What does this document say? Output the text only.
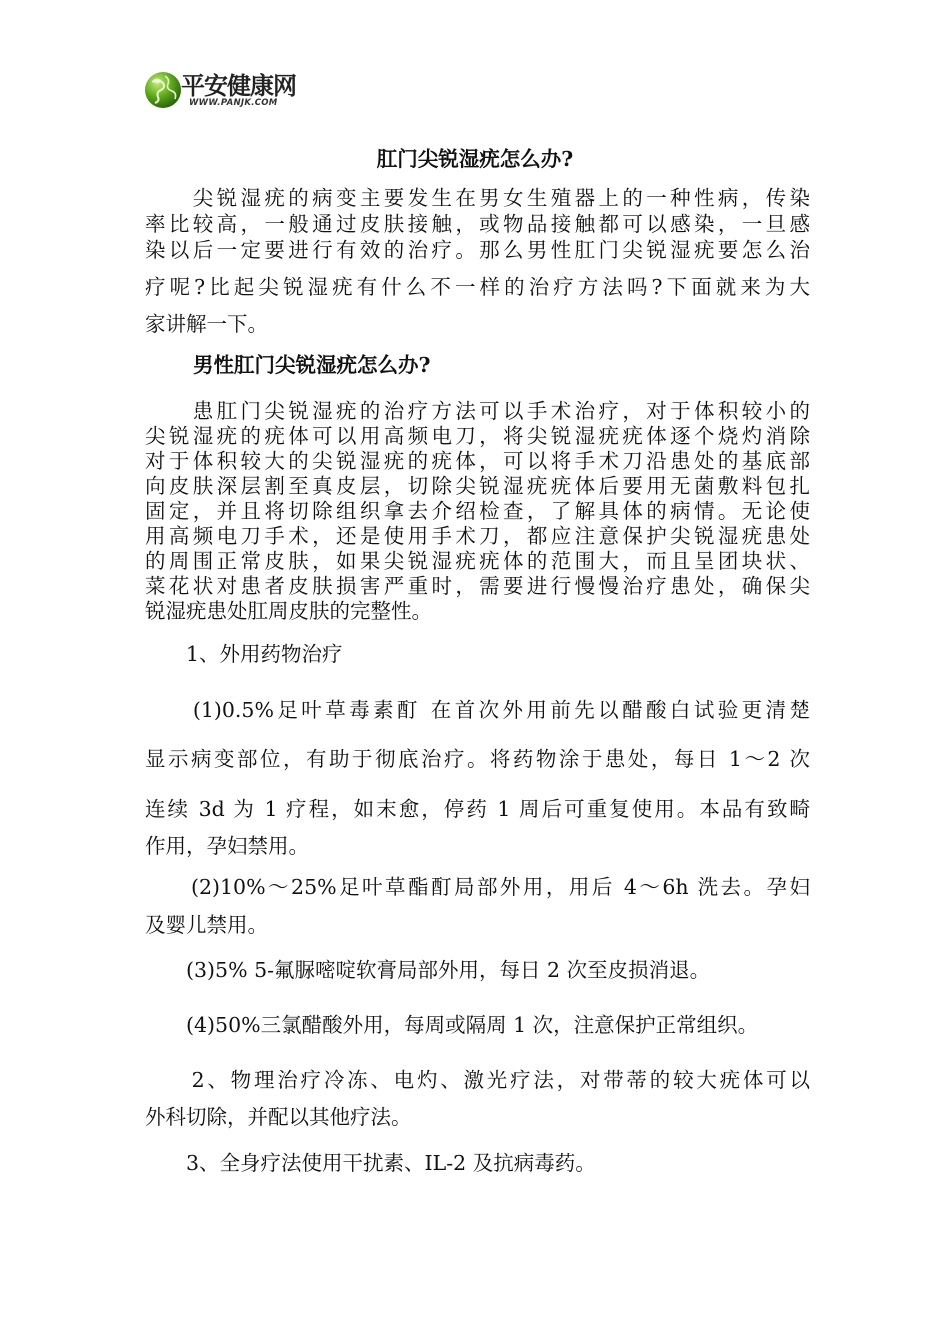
平安健康网
WWW.PANJK.COM
肛门尖锐湿疣怎么办?
　　尖锐湿疣的病变主要发生在男女生殖器上的一种性病，传染
率比较高，一般通过皮肤接触，或物品接触都可以感染，一旦感
染以后一定要进行有效的治疗。那么男性肛门尖锐湿疣要怎么治
疗呢?比起尖锐湿疣有什么不一样的治疗方法吗?下面就来为大
家讲解一下。
男性肛门尖锐湿疣怎么办?
　　患肛门尖锐湿疣的治疗方法可以手术治疗，对于体积较小的
尖锐湿疣的疣体可以用高频电刀，将尖锐湿疣疣体逐个烧灼消除
对于体积较大的尖锐湿疣的疣体，可以将手术刀沿患处的基底部
向皮肤深层割至真皮层，切除尖锐湿疣疣体后要用无菌敷料包扎
固定，并且将切除组织拿去介绍检查，了解具体的病情。无论使
用高频电刀手术，还是使用手术刀，都应注意保护尖锐湿疣患处
的周围正常皮肤，如果尖锐湿疣疣体的范围大，而且呈团块状、
菜花状对患者皮肤损害严重时，需要进行慢慢治疗患处，确保尖
锐湿疣患处肛周皮肤的完整性。
　　1、外用药物治疗
　　(1)0.5%足叶草毒素酊 在首次外用前先以醋酸白试验更清楚
显示病变部位，有助于彻底治疗。将药物涂于患处，每日 1～2 次
连续 3d 为 1 疗程，如末愈，停药 1 周后可重复使用。本品有致畸
作用，孕妇禁用。
　　(2)10%～25%足叶草酯酊局部外用，用后 4～6h 洗去。孕妇
及婴儿禁用。
　　(3)5% 5-氟脲嘧啶软膏局部外用，每日 2 次至皮损消退。
　　(4)50%三氯醋酸外用，每周或隔周 1 次，注意保护正常组织。
　　2、物理治疗冷冻、电灼、激光疗法，对带蒂的较大疣体可以
外科切除，并配以其他疗法。
　　3、全身疗法使用干扰素、IL-2 及抗病毒药。
